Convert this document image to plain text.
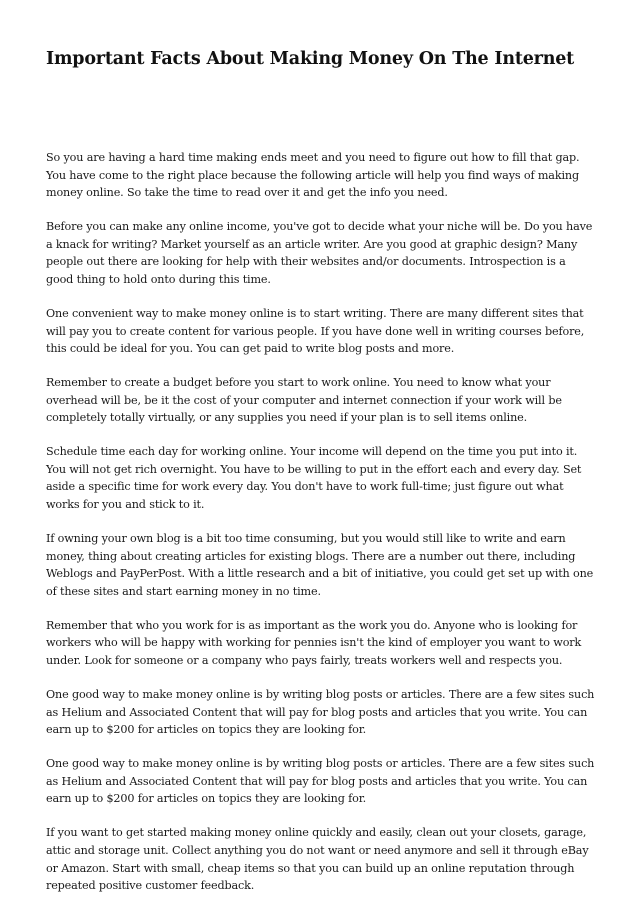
Important Facts About Making Money On The Internet

So you are having a hard time making ends meet and you need to figure out how to fill that gap. You have come to the right place because the following article will help you find ways of making money online. So take the time to read over it and get the info you need.

Before you can make any online income, you've got to decide what your niche will be. Do you have a knack for writing? Market yourself as an article writer. Are you good at graphic design? Many people out there are looking for help with their websites and/or documents. Introspection is a good thing to hold onto during this time.

One convenient way to make money online is to start writing. There are many different sites that will pay you to create content for various people. If you have done well in writing courses before, this could be ideal for you. You can get paid to write blog posts and more.

Remember to create a budget before you start to work online. You need to know what your overhead will be, be it the cost of your computer and internet connection if your work will be completely totally virtually, or any supplies you need if your plan is to sell items online.

Schedule time each day for working online. Your income will depend on the time you put into it. You will not get rich overnight. You have to be willing to put in the effort each and every day. Set aside a specific time for work every day. You don't have to work full-time; just figure out what works for you and stick to it.

If owning your own blog is a bit too time consuming, but you would still like to write and earn money, thing about creating articles for existing blogs. There are a number out there, including Weblogs and PayPerPost. With a little research and a bit of initiative, you could get set up with one of these sites and start earning money in no time.

Remember that who you work for is as important as the work you do. Anyone who is looking for workers who will be happy with working for pennies isn't the kind of employer you want to work under. Look for someone or a company who pays fairly, treats workers well and respects you.

One good way to make money online is by writing blog posts or articles. There are a few sites such as Helium and Associated Content that will pay for blog posts and articles that you write. You can earn up to $200 for articles on topics they are looking for.

One good way to make money online is by writing blog posts or articles. There are a few sites such as Helium and Associated Content that will pay for blog posts and articles that you write. You can earn up to $200 for articles on topics they are looking for.

If you want to get started making money online quickly and easily, clean out your closets, garage, attic and storage unit. Collect anything you do not want or need anymore and sell it through eBay or Amazon. Start with small, cheap items so that you can build up an online reputation through repeated positive customer feedback.
